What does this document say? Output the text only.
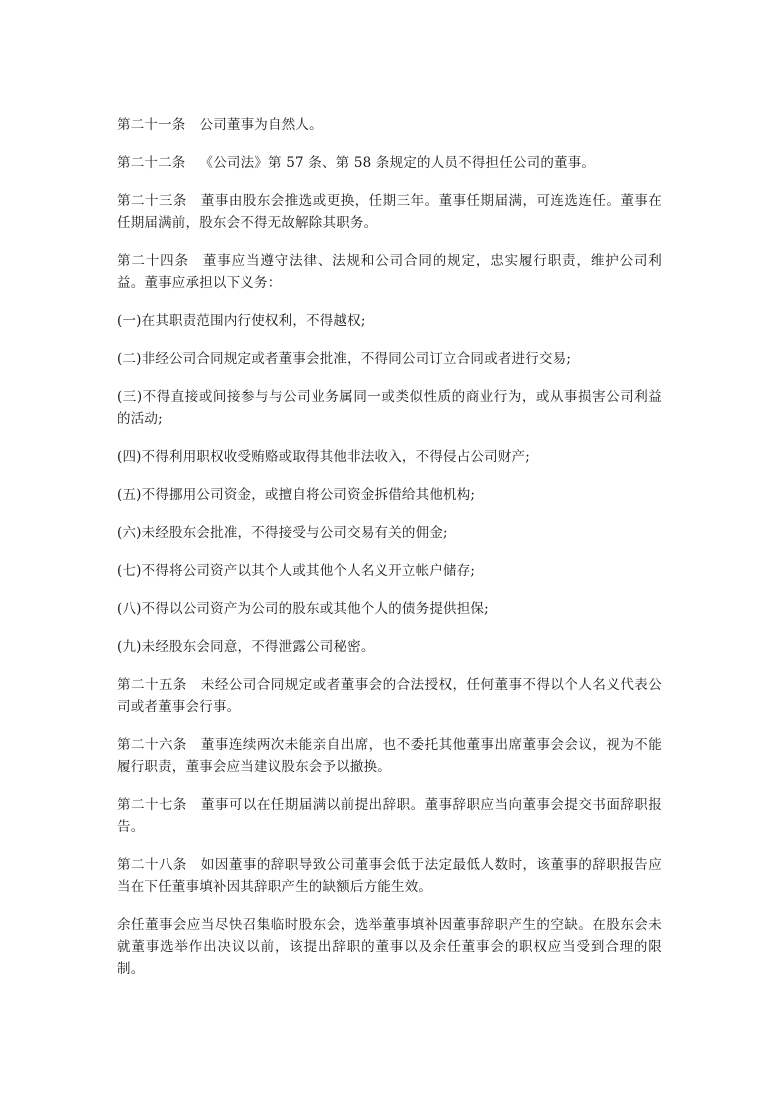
第二十一条 公司董事为自然人。

第二十二条 《公司法》第 57 条、第 58 条规定的人员不得担任公司的董事。

第二十三条 董事由股东会推选或更换，任期三年。董事任期届满，可连选连任。董事在任期届满前，股东会不得无故解除其职务。

第二十四条 董事应当遵守法律、法规和公司合同的规定，忠实履行职责，维护公司利益。董事应承担以下义务：

(一)在其职责范围内行使权利，不得越权;

(二)非经公司合同规定或者董事会批准，不得同公司订立合同或者进行交易;

(三)不得直接或间接参与与公司业务属同一或类似性质的商业行为，或从事损害公司利益的活动;

(四)不得利用职权收受贿赂或取得其他非法收入，不得侵占公司财产;

(五)不得挪用公司资金，或擅自将公司资金拆借给其他机构;

(六)未经股东会批准，不得接受与公司交易有关的佣金;

(七)不得将公司资产以其个人或其他个人名义开立帐户储存;

(八)不得以公司资产为公司的股东或其他个人的债务提供担保;

(九)未经股东会同意，不得泄露公司秘密。

第二十五条 未经公司合同规定或者董事会的合法授权，任何董事不得以个人名义代表公司或者董事会行事。

第二十六条 董事连续两次未能亲自出席，也不委托其他董事出席董事会会议，视为不能履行职责，董事会应当建议股东会予以撤换。

第二十七条 董事可以在任期届满以前提出辞职。董事辞职应当向董事会提交书面辞职报告。

第二十八条 如因董事的辞职导致公司董事会低于法定最低人数时，该董事的辞职报告应当在下任董事填补因其辞职产生的缺额后方能生效。

余任董事会应当尽快召集临时股东会，选举董事填补因董事辞职产生的空缺。在股东会未就董事选举作出决议以前，该提出辞职的董事以及余任董事会的职权应当受到合理的限制。
